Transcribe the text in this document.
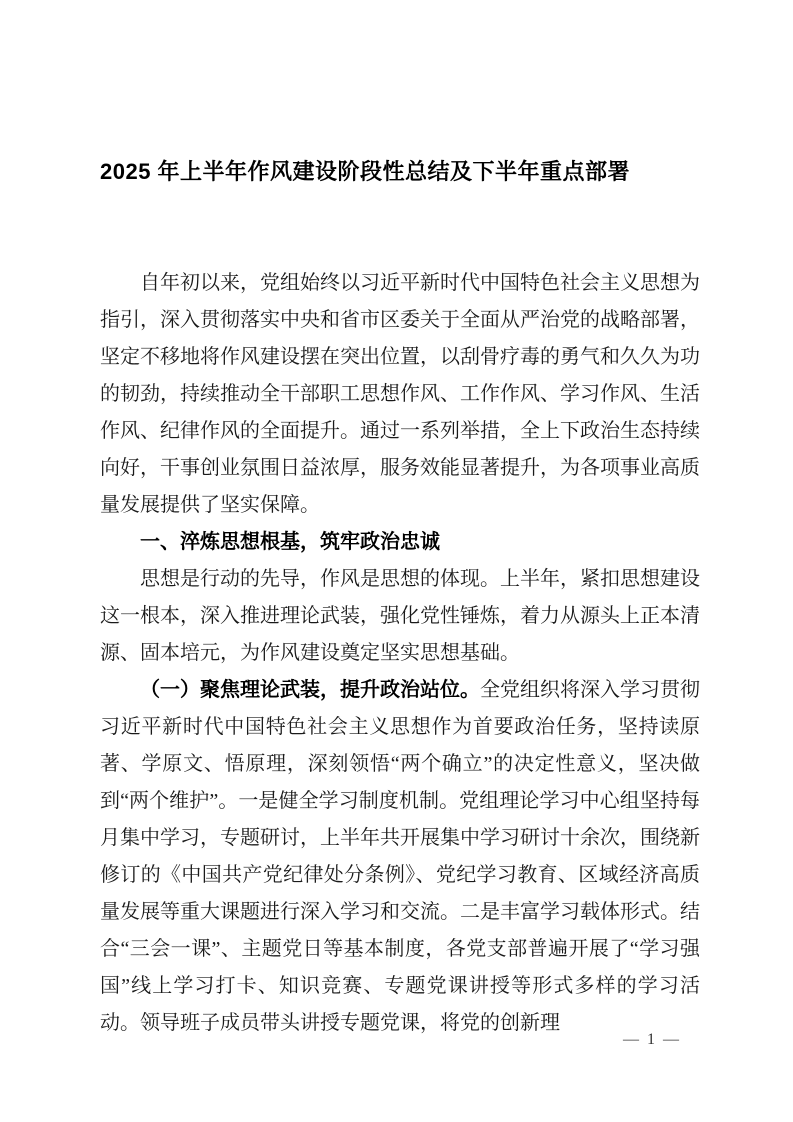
2025 年上半年作风建设阶段性总结及下半年重点部署

自年初以来，党组始终以习近平新时代中国特色社会主义思想为指引，深入贯彻落实中央和省市区委关于全面从严治党的战略部署，坚定不移地将作风建设摆在突出位置，以刮骨疗毒的勇气和久久为功的韧劲，持续推动全干部职工思想作风、工作作风、学习作风、生活作风、纪律作风的全面提升。通过一系列举措，全上下政治生态持续向好，干事创业氛围日益浓厚，服务效能显著提升，为各项事业高质量发展提供了坚实保障。

一、淬炼思想根基，筑牢政治忠诚

思想是行动的先导，作风是思想的体现。上半年，紧扣思想建设这一根本，深入推进理论武装，强化党性锤炼，着力从源头上正本清源、固本培元，为作风建设奠定坚实思想基础。

（一）聚焦理论武装，提升政治站位。全党组织将深入学习贯彻习近平新时代中国特色社会主义思想作为首要政治任务，坚持读原著、学原文、悟原理，深刻领悟“两个确立”的决定性意义，坚决做到“两个维护”。一是健全学习制度机制。党组理论学习中心组坚持每月集中学习，专题研讨，上半年共开展集中学习研讨十余次，围绕新修订的《中国共产党纪律处分条例》、党纪学习教育、区域经济高质量发展等重大课题进行深入学习和交流。二是丰富学习载体形式。结合“三会一课”、主题党日等基本制度，各党支部普遍开展了“学习强国”线上学习打卡、知识竞赛、专题党课讲授等形式多样的学习活动。领导班子成员带头讲授专题党课，将党的创新理

— 1 —
